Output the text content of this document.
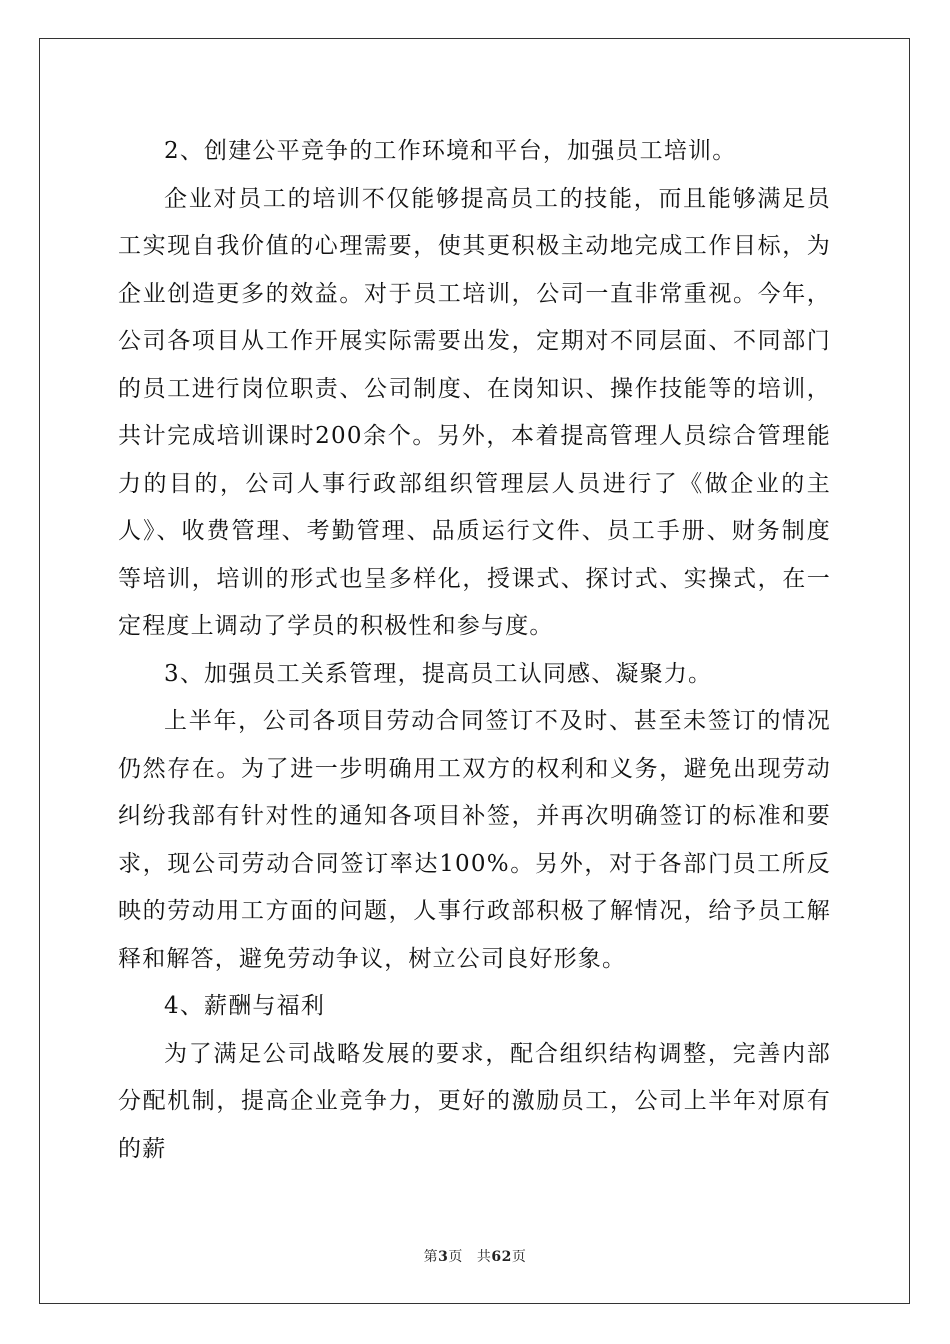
2、创建公平竞争的工作环境和平台，加强员工培训。

企业对员工的培训不仅能够提高员工的技能，而且能够满足员工实现自我价值的心理需要，使其更积极主动地完成工作目标，为企业创造更多的效益。对于员工培训，公司一直非常重视。今年，公司各项目从工作开展实际需要出发，定期对不同层面、不同部门的员工进行岗位职责、公司制度、在岗知识、操作技能等的培训，共计完成培训课时200余个。另外，本着提高管理人员综合管理能力的目的，公司人事行政部组织管理层人员进行了《做企业的主人》、收费管理、考勤管理、品质运行文件、员工手册、财务制度等培训，培训的形式也呈多样化，授课式、探讨式、实操式，在一定程度上调动了学员的积极性和参与度。

3、加强员工关系管理，提高员工认同感、凝聚力。

上半年，公司各项目劳动合同签订不及时、甚至未签订的情况仍然存在。为了进一步明确用工双方的权利和义务，避免出现劳动纠纷我部有针对性的通知各项目补签，并再次明确签订的标准和要求，现公司劳动合同签订率达100%。另外，对于各部门员工所反映的劳动用工方面的问题，人事行政部积极了解情况，给予员工解释和解答，避免劳动争议，树立公司良好形象。

4、薪酬与福利

为了满足公司战略发展的要求，配合组织结构调整，完善内部分配机制，提高企业竞争力，更好的激励员工，公司上半年对原有的薪

第3页 共62页
